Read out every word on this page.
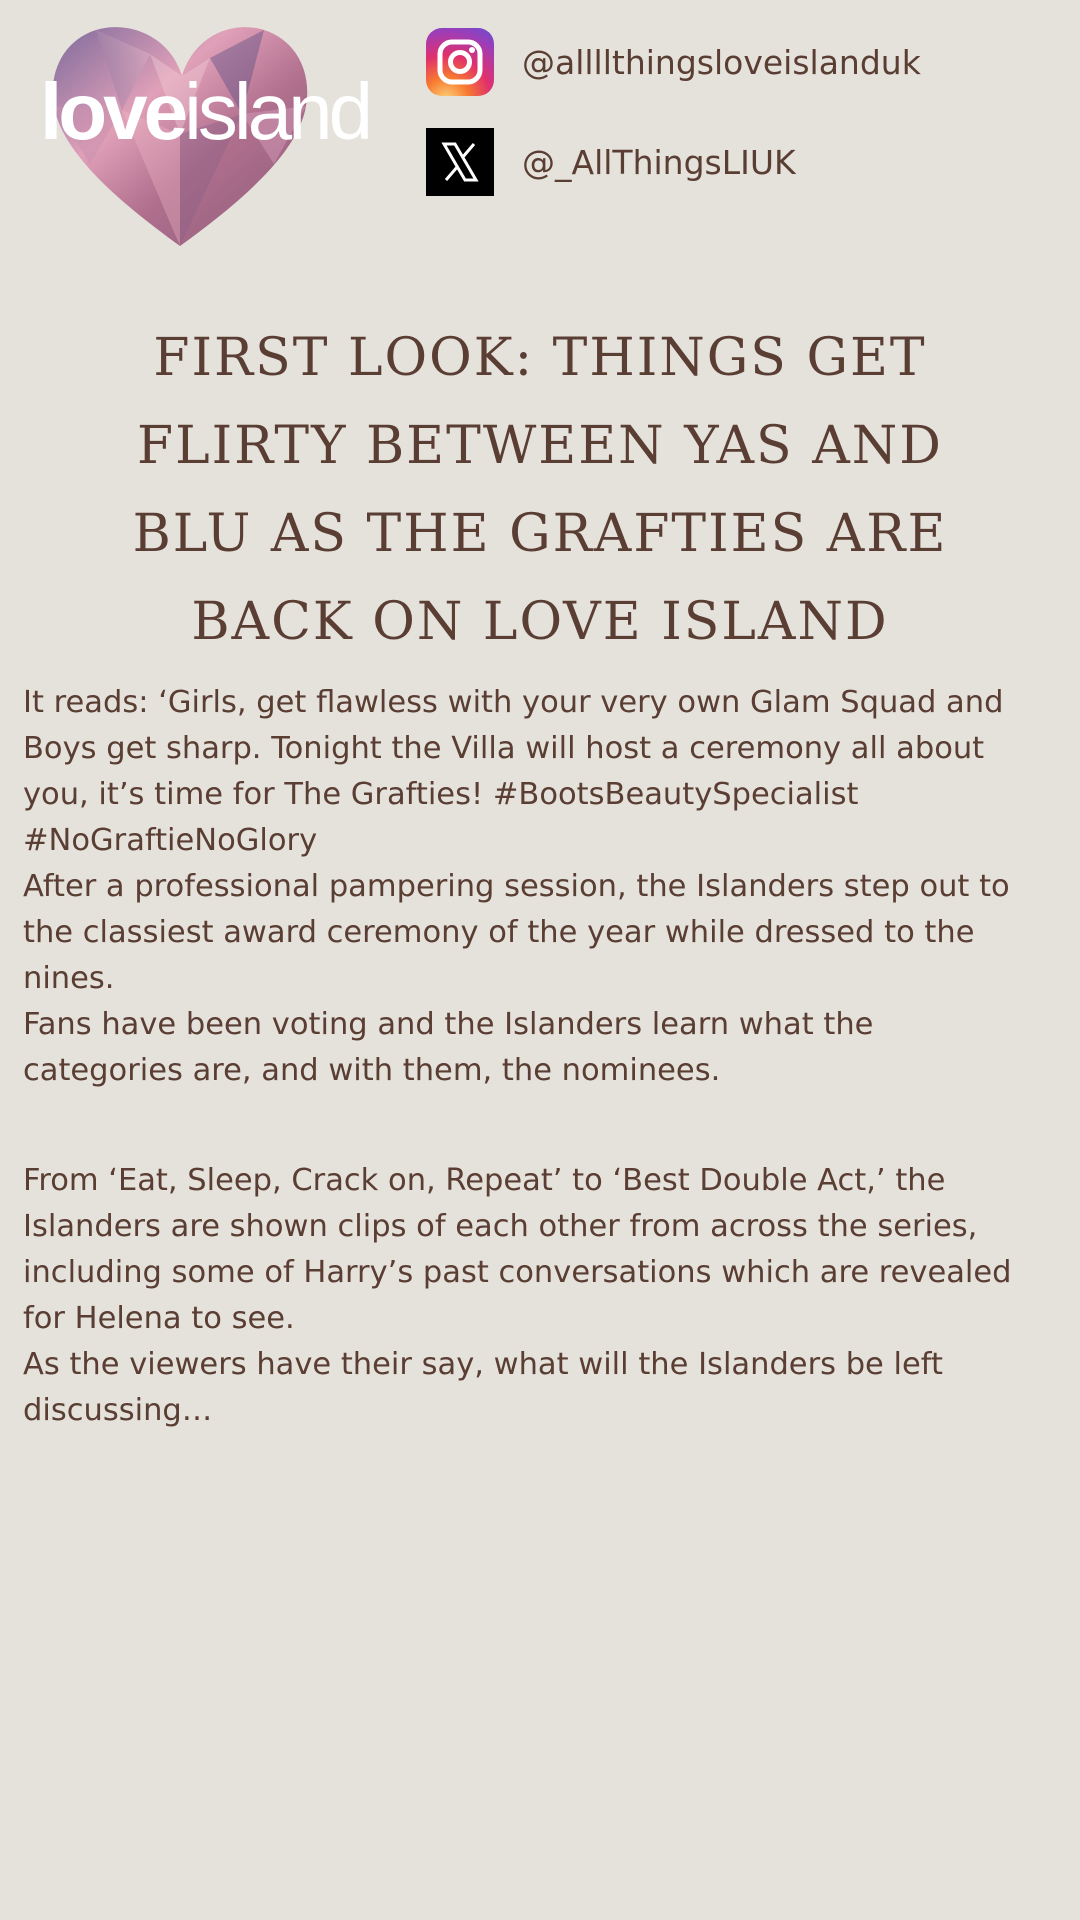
loveisland
@allllthingsloveislanduk
@_AllThingsLIUK
FIRST LOOK: THINGS GET FLIRTY BETWEEN YAS AND BLU AS THE GRAFTIES ARE BACK ON LOVE ISLAND

It reads: ‘Girls, get flawless with your very own Glam Squad and Boys get sharp. Tonight the Villa will host a ceremony all about you, it’s time for The Grafties! #BootsBeautySpecialist #NoGraftieNoGlory

After a professional pampering session, the Islanders step out to the classiest award ceremony of the year while dressed to the nines.

Fans have been voting and the Islanders learn what the categories are, and with them, the nominees.

From ‘Eat, Sleep, Crack on, Repeat’ to ‘Best Double Act,’ the Islanders are shown clips of each other from across the series, including some of Harry’s past conversations which are revealed for Helena to see.

As the viewers have their say, what will the Islanders be left discussing…
